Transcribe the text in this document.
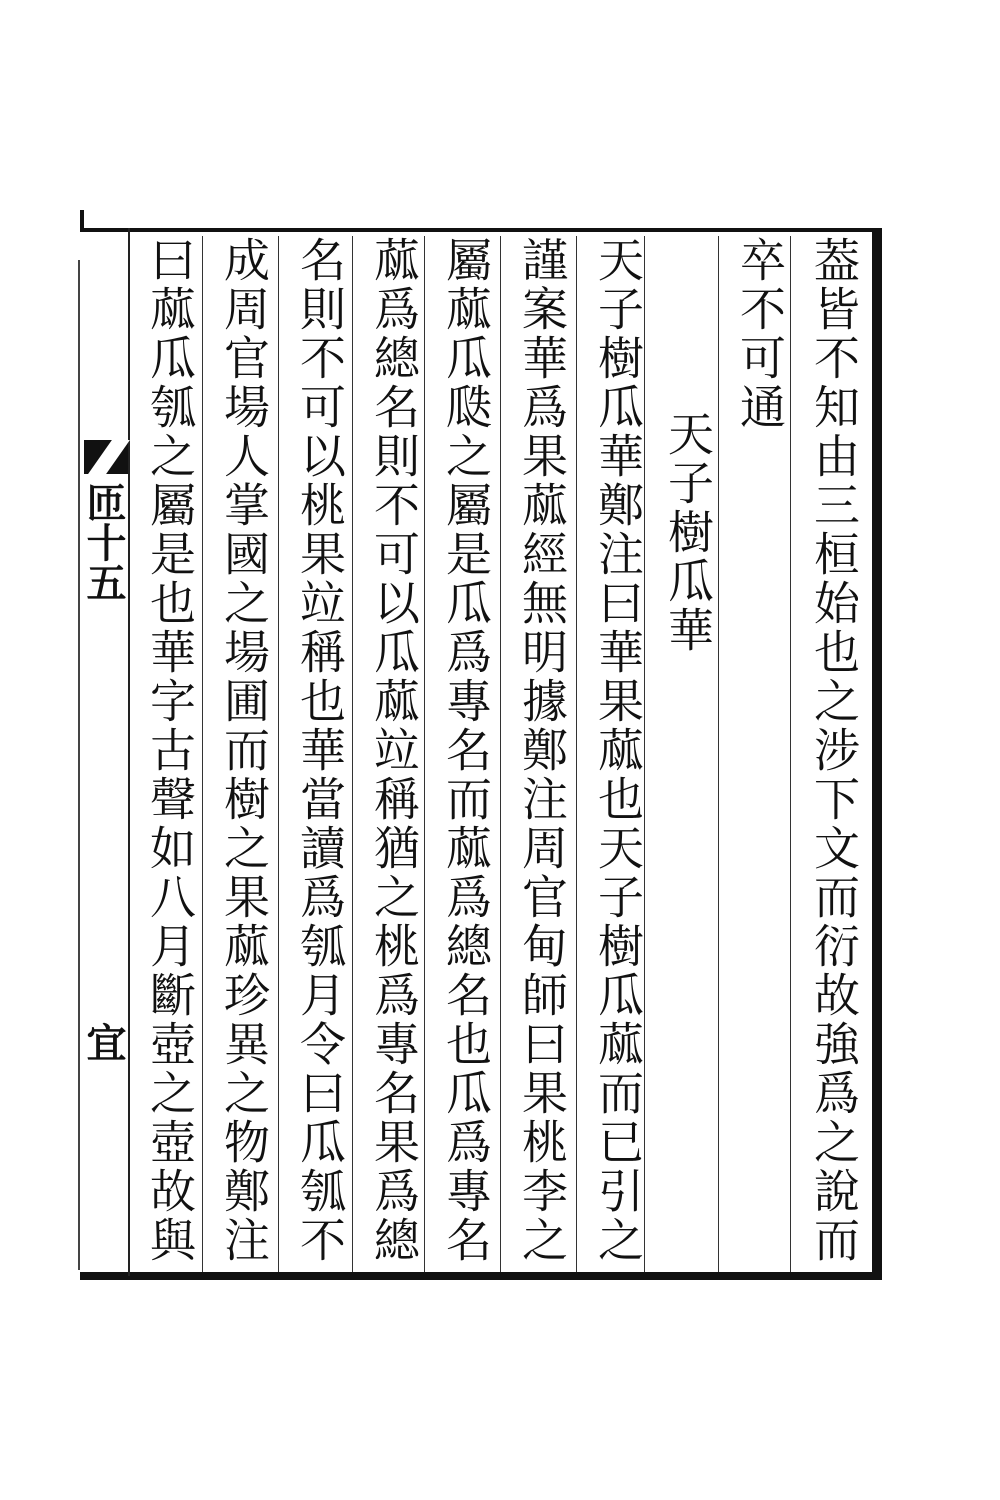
葢皆不知由三桓始也之涉下文而衍故強爲之說而
卒不可通
天子樹瓜華
天子樹瓜華鄭注曰華果蓏也天子樹瓜蓏而已引之
謹案華爲果蓏經無明據鄭注周官甸師曰果桃李之
屬蓏瓜瓞之屬是瓜爲專名而蓏爲總名也瓜爲專名
蓏爲總名則不可以瓜蓏竝稱猶之桃爲專名果爲總
名則不可以桃果竝稱也華當讀爲瓠月令曰瓜瓠不
成周官場人掌國之場圃而樹之果蓏珍異之物鄭注
曰蓏瓜瓠之屬是也華字古聲如八月斷壺之壺故與
匝十五
宜
